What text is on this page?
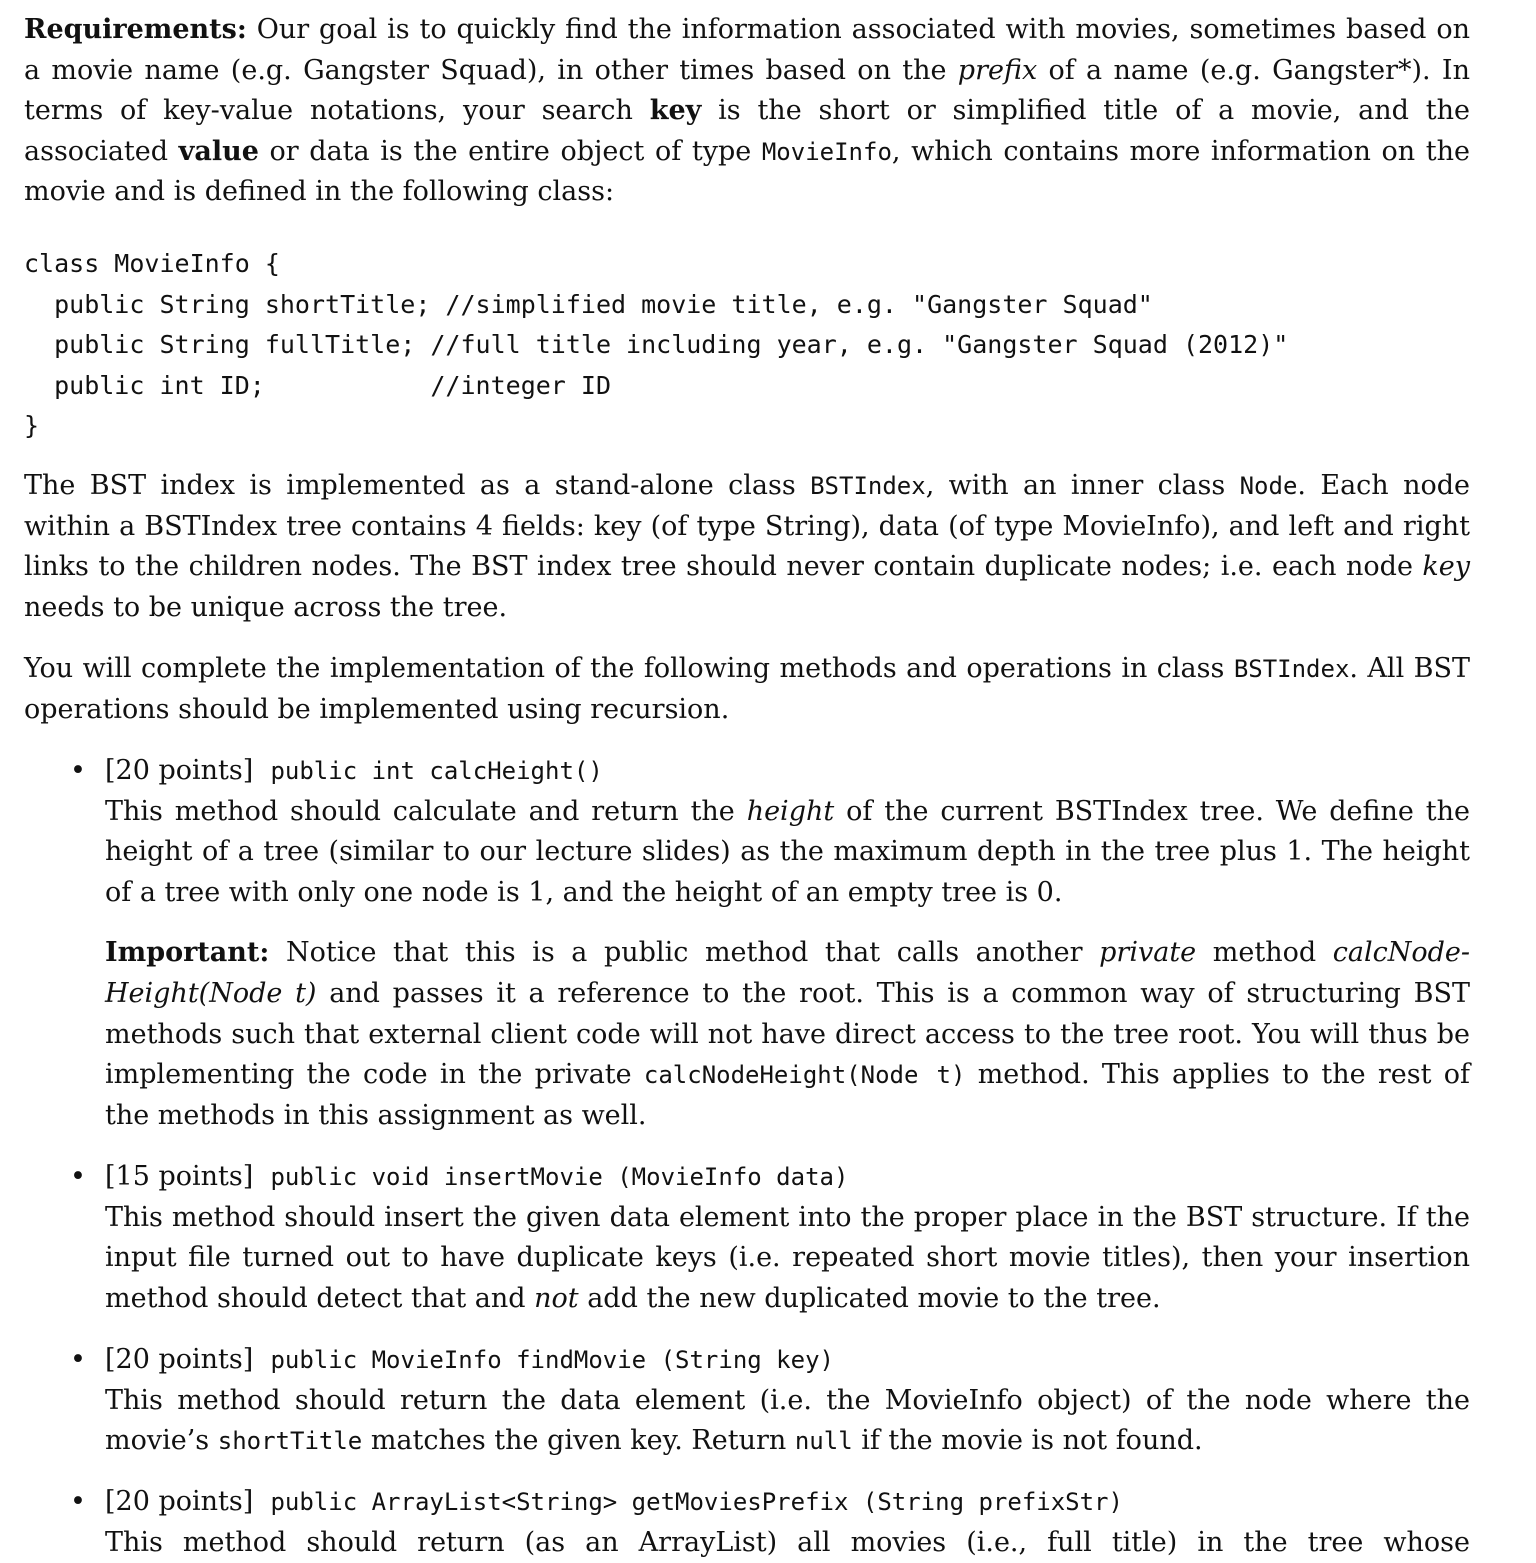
Requirements: Our goal is to quickly find the information associated with movies, sometimes based on a movie name (e.g. Gangster Squad), in other times based on the prefix of a name (e.g. Gangster*). In terms of key-value notations, your search key is the short or simplified title of a movie, and the associated value or data is the entire object of type MovieInfo, which contains more information on the movie and is defined in the following class:

class MovieInfo {
public String shortTitle; //simplified movie title, e.g. "Gangster Squad"
public String fullTitle; //full title including year, e.g. "Gangster Squad (2012)"
public int ID;           //integer ID
}

The BST index is implemented as a stand-alone class BSTIndex, with an inner class Node. Each node within a BSTIndex tree contains 4 fields: key (of type String), data (of type MovieInfo), and left and right links to the children nodes. The BST index tree should never contain duplicate nodes; i.e. each node key needs to be unique across the tree.

You will complete the implementation of the following methods and operations in class BSTIndex. All BST operations should be implemented using recursion.

• [20 points] public int calcHeight()

This method should calculate and return the height of the current BSTIndex tree. We define the height of a tree (similar to our lecture slides) as the maximum depth in the tree plus 1. The height of a tree with only one node is 1, and the height of an empty tree is 0.

Important: Notice that this is a public method that calls another private method calcNode-Height(Node t) and passes it a reference to the root. This is a common way of structuring BST methods such that external client code will not have direct access to the tree root. You will thus be implementing the code in the private calcNodeHeight(Node t) method. This applies to the rest of the methods in this assignment as well.

• [15 points] public void insertMovie (MovieInfo data)

This method should insert the given data element into the proper place in the BST structure. If the input file turned out to have duplicate keys (i.e. repeated short movie titles), then your insertion method should detect that and not add the new duplicated movie to the tree.

• [20 points] public MovieInfo findMovie (String key)

This method should return the data element (i.e. the MovieInfo object) of the node where the movie’s shortTitle matches the given key. Return null if the movie is not found.

• [20 points] public ArrayList<String> getMoviesPrefix (String prefixStr)

This method should return (as an ArrayList) all movies (i.e., full title) in the tree whose
